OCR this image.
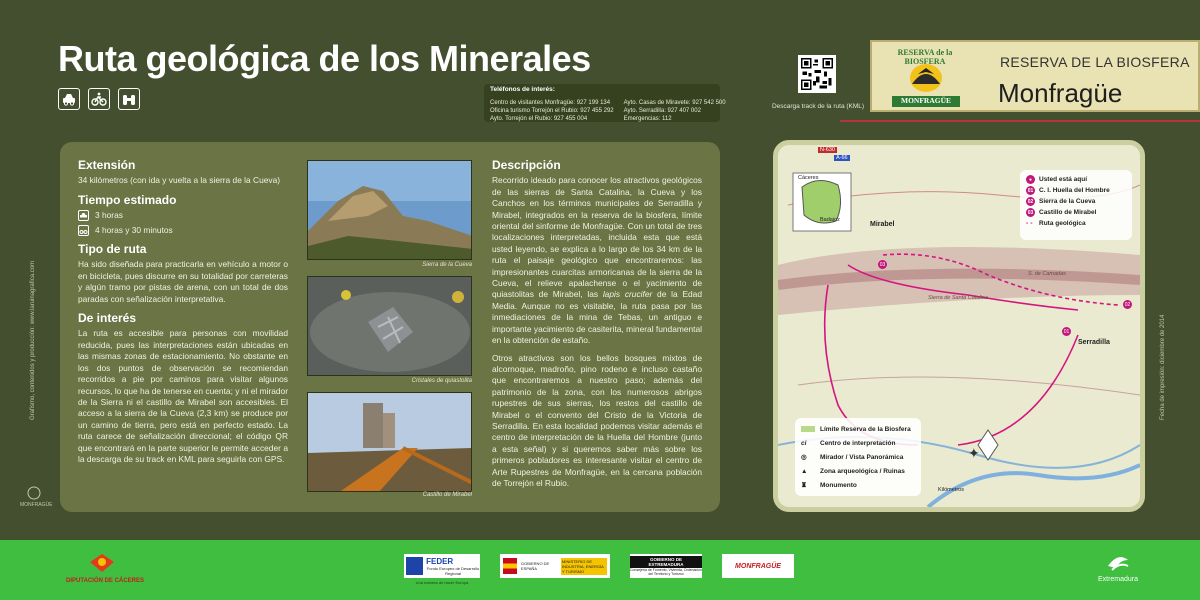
Ruta geológica de los Minerales
Centro de visitantes Monfragüe: 927 199 134
Oficina turismo Torrejón el Rubio: 927 455 292
Ayto. Torrejón el Rubio: 927 455 004
Ayto. Casas de Miravete: 927 542 500
Ayto. Serradilla: 927 407 002
Emergencias: 112
Teléfonos de interés:
Descarga track de la ruta (KML)
RESERVA de la BIOSFERA
MONFRAGÜE
RESERVA DE LA BIOSFERA
Monfragüe
Extensión

34 kilómetros (con ida y vuelta a la sierra de la Cueva)

Tiempo estimado
3 horas
4 horas y 30 minutos
Tipo de ruta

Ha sido diseñada para practicarla en vehículo a motor o en bicicleta, pues discurre en su totalidad por carreteras y algún tramo por pistas de arena, con un total de dos paradas con señalización interpretativa.

De interés

La ruta es accesible para personas con movilidad reducida, pues las interpretaciones están ubicadas en las mismas zonas de estacionamiento. No obstante en los dos puntos de observación se recomiendan recorridos a pie por caminos para visitar algunos recursos, lo que ha de tenerse en cuenta; y ni el mirador de la Sierra ni el castillo de Mirabel son accesibles. El acceso a la sierra de la Cueva (2,3 km) se produce por un camino de tierra, pero está en perfecto estado. La ruta carece de señalización direccional; el código QR que encontrará en la parte superior le permite acceder a la descarga de su track en KML para seguirla con GPS.

Sierra de la Cueva
Cristales de quiastolita
Castillo de Mirabel
Descripción

Recorrido ideado para conocer los atractivos geológicos de las sierras de Santa Catalina, la Cueva y los Canchos en los términos municipales de Serradilla y Mirabel, integrados en la reserva de la biosfera, límite oriental del sinforme de Monfragüe. Con un total de tres localizaciones interpretadas, incluida esta que está usted leyendo, se explica a lo largo de los 34 km de la ruta el paisaje geológico que encontraremos: las impresionantes cuarcitas armoricanas de la sierra de la Cueva, el relieve apalachense o el yacimiento de quiastolitas de Mirabel, las lapis crucifer de la Edad Media. Aunque no es visitable, la ruta pasa por las inmediaciones de la mina de Tebas, un antiguo e importante yacimiento de casiterita, mineral fundamental en la obtención de estaño.

Otros atractivos son los bellos bosques mixtos de alcornoque, madroño, pino rodeno e incluso castaño que encontraremos a nuestro paso; además del patrimonio de la zona, con los numerosos abrigos rupestres de sus sierras, los restos del castillo de Mirabel o el convento del Cristo de la Victoria de Serradilla. En esta localidad podemos visitar además el centro de interpretación de la Huella del Hombre (junto a esta señal) y si queremos saber más sobre los primeros pobladores es interesante visitar el centro de Arte Rupestres de Monfragüe, en la cercana población de Torrejón el Rubio.

Cáceres
Badajoz
Mirabel
Serradilla
N-630
A-66
Sierra de Santa Catalina
S. de Camadas
Kilómetros
03
02
01
✦
●	Usted está aquí
01 C. I. Huella del Hombre
02 Sierra de la Cueva
03 Castillo de Mirabel
- - Ruta geológica
Límite Reserva de la Biosfera
ci	Centro de interpretación
◎	Mirador / Vista Panorámica
▲	Zona arqueológica / Ruinas
♜	Monumento
Grafismo, contenidos y producción: www.laruinagrafica.com	Fecha de impresión: diciembre de 2014
MONFRAGÜE
DIPUTACIÓN DE CÁCERES
FEDER
Fondo Europeo de Desarrollo Regional
Una manera de hacer Europa
GOBIERNO DE ESPAÑA
MINISTERIO DE INDUSTRIA, ENERGÍA Y TURISMO
GOBIERNO DE EXTREMADURA
Consejería de Fomento, Vivienda, Ordenación del Territorio y Turismo
MONFRAGÜE
Extremadura
